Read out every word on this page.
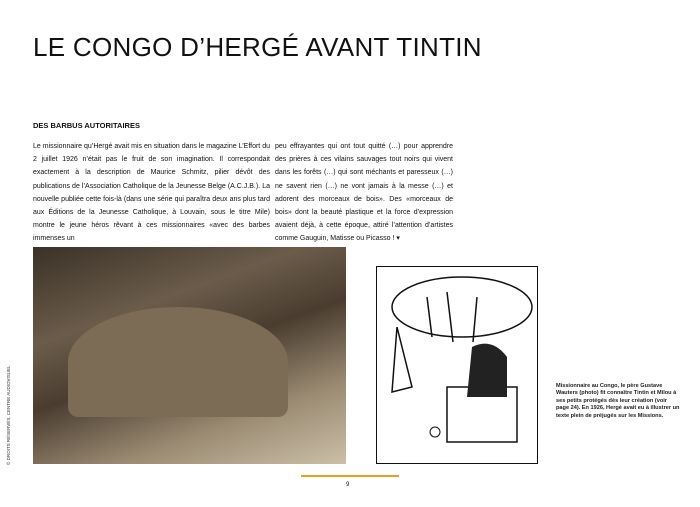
LE CONGO D’HERGÉ AVANT TINTIN
DES BARBUS AUTORITAIRES
Le missionnaire qu’Hergé avait mis en situation dans le magazine L’Effort du 2 juillet 1926 n’était pas le fruit de son imagination. Il correspondait exactement à la description de Maurice Schmitz, pilier dévôt des publications de l’Association Catholique de la Jeunesse Belge (A.C.J.B.). La nouvelle publiée cette fois-là (dans une série qui paraîtra deux ans plus tard aux Éditions de la Jeunesse Catholique, à Louvain, sous le titre Mile) montre le jeune héros rêvant à ces missionnaires «avec des barbes immenses un
peu effrayantes qui ont tout quitté (…) pour apprendre des prières à ces vilains sauvages tout noirs qui vivent dans les forêts (…) qui sont méchants et paresseux (…) ne savent rien (…) ne vont jamais à la messe (…) et adorent des morceaux de bois». Des «morceaux de bois» dont la beauté plastique et la force d’expression avaient déjà, à cette époque, attiré l’attention d’artistes comme Gauguin, Matisse ou Picasso ! ▾
© DROITS RÉSERVÉS, CENTRE AUDIOVISUEL	Missionnaire au Congo, le père Gustave Wauters (photo) fit connaître Tintin et Milou à ses petits protégés dès leur création (voir page 24). En 1926, Hergé avait eu à illustrer un texte plein de préjugés sur les Missions.
9
